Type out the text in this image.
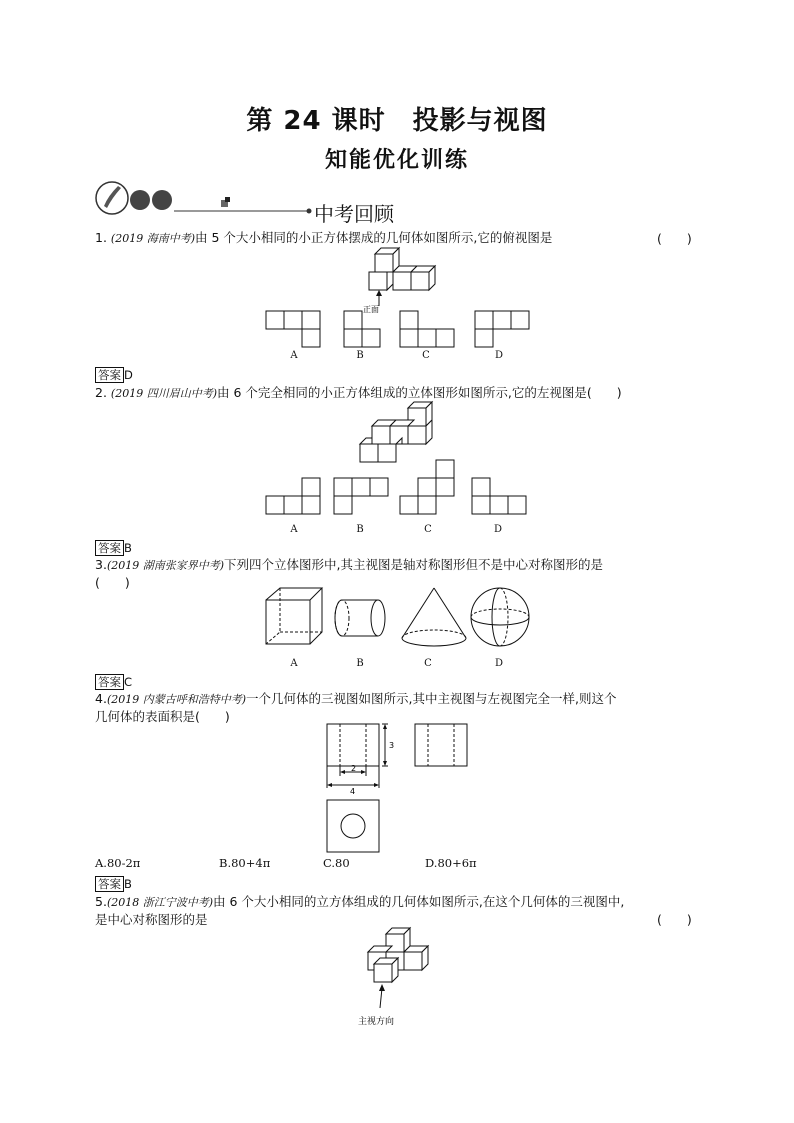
第 24 课时　投影与视图
知能优化训练
中考回顾
1. (2019 海南中考)由 5 个大小相同的小正方体摆成的几何体如图所示,它的俯视图是	(　　)
正面
A	B	C	D
答案 D
2. (2019 四川眉山中考)由 6 个完全相同的小正方体组成的立体图形如图所示,它的左视图是(　　)
A	B	C	D
答案 B
3.(2019 湖南张家界中考)下列四个立体图形中,其主视图是轴对称图形但不是中心对称图形的是
(　　)
A	B	C	D
答案 C
4.(2019 内蒙古呼和浩特中考)一个几何体的三视图如图所示,其中主视图与左视图完全一样,则这个
几何体的表面积是(　　)
3
2
4
A.80-2π	B.80+4π	C.80	D.80+6π
答案 B
5.(2018 浙江宁波中考)由 6 个大小相同的立方体组成的几何体如图所示,在这个几何体的三视图中,
是中心对称图形的是	(　　)
主视方向
